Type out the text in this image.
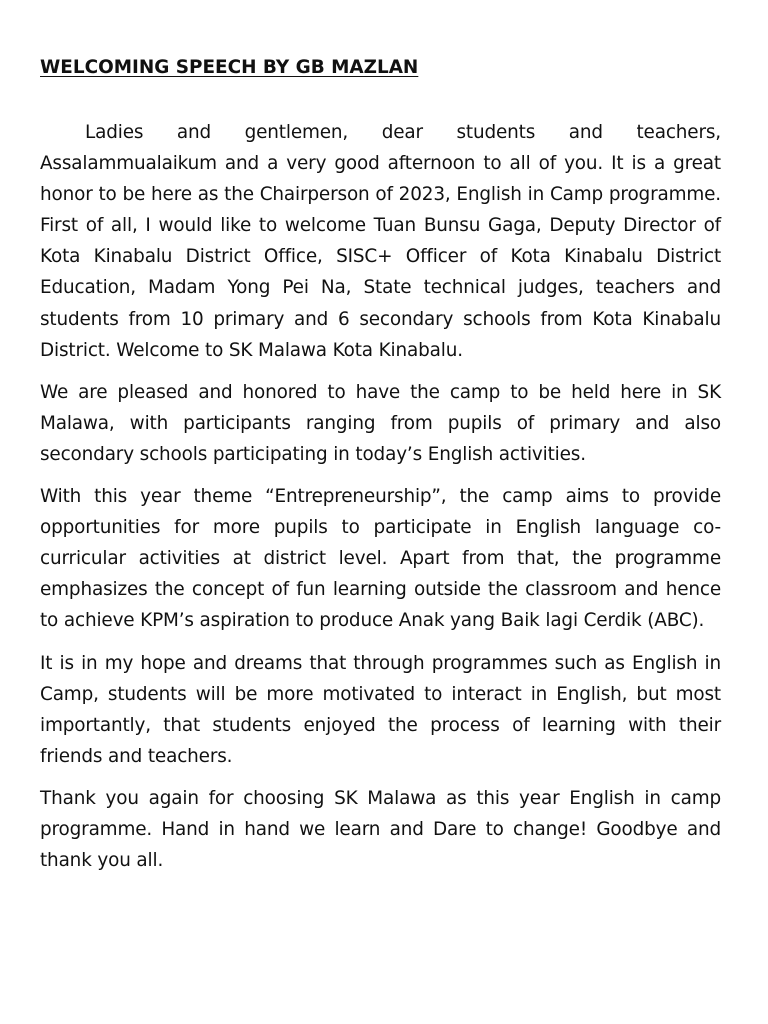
WELCOMING SPEECH BY GB MAZLAN

Ladies and gentlemen, dear students and teachers, Assalammualaikum and a very good afternoon to all of you. It is a great honor to be here as the Chairperson of 2023, English in Camp programme. First of all, I would like to welcome Tuan Bunsu Gaga, Deputy Director of Kota Kinabalu District Office, SISC+ Officer of Kota Kinabalu District Education, Madam Yong Pei Na, State technical judges, teachers and students from 10 primary and 6 secondary schools from Kota Kinabalu District. Welcome to SK Malawa Kota Kinabalu.

We are pleased and honored to have the camp to be held here in SK Malawa, with participants ranging from pupils of primary and also secondary schools participating in today’s English activities.

With this year theme “Entrepreneurship”, the camp aims to provide opportunities for more pupils to participate in English language co-curricular activities at district level. Apart from that, the programme emphasizes the concept of fun learning outside the classroom and hence to achieve KPM’s aspiration to produce Anak yang Baik lagi Cerdik (ABC).

It is in my hope and dreams that through programmes such as English in Camp, students will be more motivated to interact in English, but most importantly, that students enjoyed the process of learning with their friends and teachers.

Thank you again for choosing SK Malawa as this year English in camp programme. Hand in hand we learn and Dare to change! Goodbye and thank you all.
